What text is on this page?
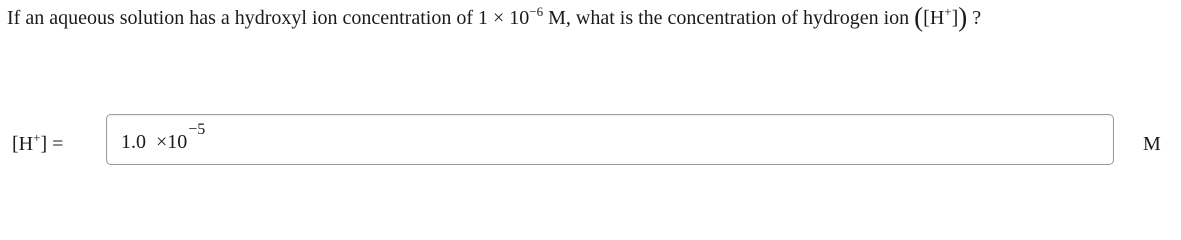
If an aqueous solution has a hydroxyl ion concentration of $1 \times 10^{-6}$ M, what is the concentration of hydrogen ion ([H+]) ?
[H+] =	$1.0 \times 10^{-5}$
M
